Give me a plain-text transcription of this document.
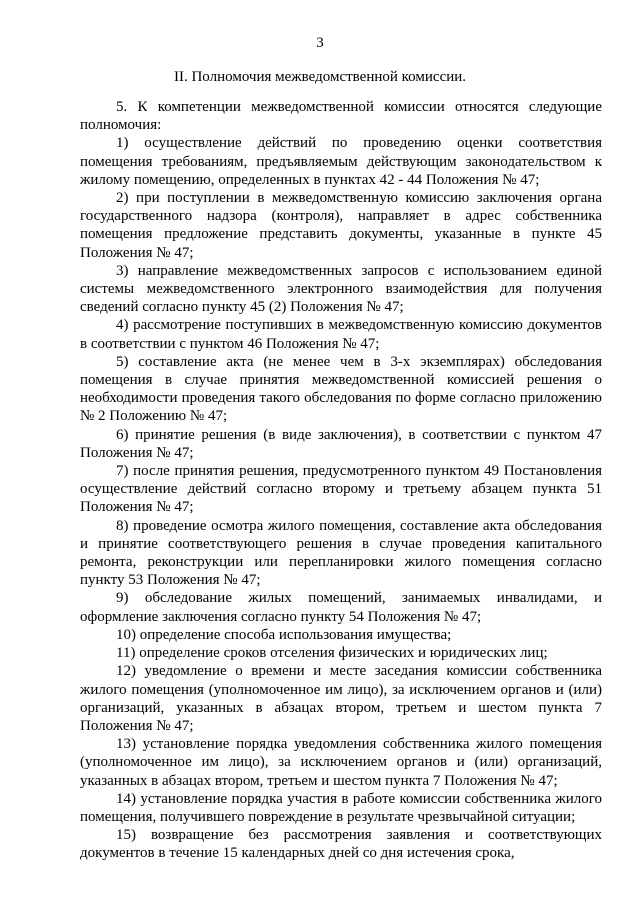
3
II. Полномочия межведомственной комиссии.

5. К компетенции межведомственной комиссии относятся следующие полномочия:

1) осуществление действий по проведению оценки соответствия помещения требованиям, предъявляемым действующим законодательством к жилому помещению, определенных в пунктах 42 - 44 Положения № 47;

2) при поступлении в межведомственную комиссию заключения органа государственного надзора (контроля), направляет в адрес собственника помещения предложение представить документы, указанные в пункте 45 Положения № 47;

3) направление межведомственных запросов с использованием единой системы межведомственного электронного взаимодействия для получения сведений согласно пункту 45 (2) Положения № 47;

4) рассмотрение поступивших в межведомственную комиссию документов в соответствии с пунктом 46 Положения № 47;

5) составление акта (не менее чем в 3-х экземплярах) обследования помещения в случае принятия межведомственной комиссией решения о необходимости проведения такого обследования по форме согласно приложению № 2 Положению № 47;

6) принятие решения (в виде заключения), в соответствии с пунктом 47 Положения № 47;

7) после принятия решения, предусмотренного пунктом 49 Постановления осуществление действий согласно второму и третьему абзацем пункта 51 Положения № 47;

8) проведение осмотра жилого помещения, составление акта обследования и принятие соответствующего решения в случае проведения капитального ремонта, реконструкции или перепланировки жилого помещения согласно пункту 53 Положения № 47;

9) обследование жилых помещений, занимаемых инвалидами, и оформление заключения согласно пункту 54 Положения № 47;

10) определение способа использования имущества;

11) определение сроков отселения физических и юридических лиц;

12) уведомление о времени и месте заседания комиссии собственника жилого помещения (уполномоченное им лицо), за исключением органов и (или) организаций, указанных в абзацах втором, третьем и шестом пункта 7 Положения № 47;

13) установление порядка уведомления собственника жилого помещения (уполномоченное им лицо), за исключением органов и (или) организаций, указанных в абзацах втором, третьем и шестом пункта 7 Положения № 47;

14) установление порядка участия в работе комиссии собственника жилого помещения, получившего повреждение в результате чрезвычайной ситуации;

15) возвращение без рассмотрения заявления и соответствующих документов в течение 15 календарных дней со дня истечения срока,
